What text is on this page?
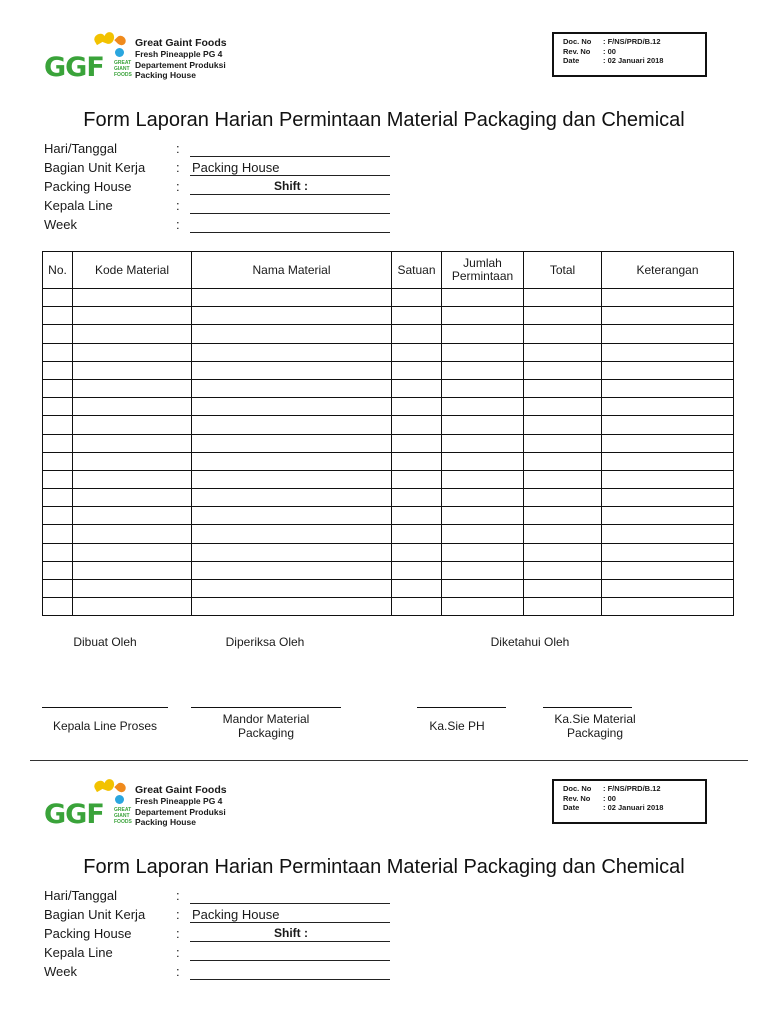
GGF GREAT
GIANT
FOODS
Great Gaint Foods
Fresh Pineapple PG 4
Departement Produksi
Packing House
Doc. No	: F/NS/PRD/B.12
Rev. No	: 00
Date	: 02 Januari 2018
Form Laporan Harian Permintaan Material Packaging dan Chemical
Hari/Tanggal	:
Bagian Unit Kerja : Packing House
Packing House	:	Shift :
Kepala Line	:
Week	:
No.	Kode Material	Nama Material	Satuan	Jumlah Permintaan	Total	Keterangan

Dibuat Oleh	Diperiksa Oleh	Diketahui Oleh
Kepala Line Proses	Mandor Material Packaging	Ka.Sie PH	Ka.Sie Material Packaging
GGF GREAT
GIANT
FOODS
Great Gaint Foods
Fresh Pineapple PG 4
Departement Produksi
Packing House
Doc. No	: F/NS/PRD/B.12
Rev. No	: 00
Date	: 02 Januari 2018
Form Laporan Harian Permintaan Material Packaging dan Chemical
Hari/Tanggal	:
Bagian Unit Kerja : Packing House
Packing House	:	Shift :
Kepala Line	:
Week	:
